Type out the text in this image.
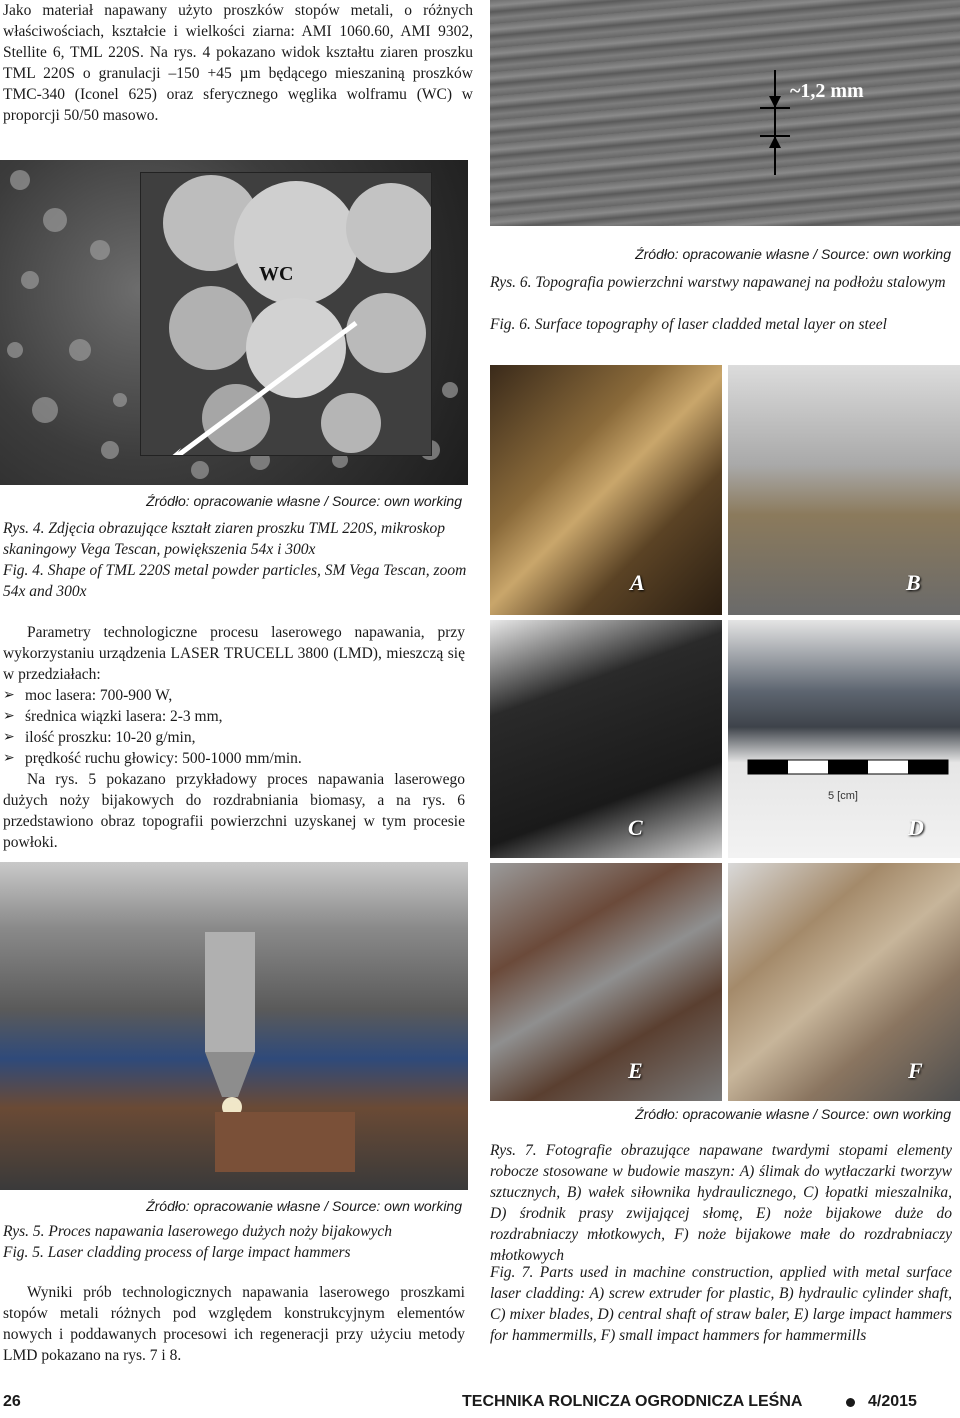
Jako materiał napawany użyto proszków stopów metali, o różnych właściwościach, kształcie i wielkości ziarna: AMI 1060.60, AMI 9302, Stellite 6, TML 220S. Na rys. 4 pokazano widok kształtu ziaren proszku TML 220S o granulacji –150 +45 µm będącego mieszaniną proszków TMC-340 (Iconel 625) oraz sferycznego węglika wolframu (WC) w proporcji 50/50 masowo.
WC
Źródło: opracowanie własne / Source: own working
Rys. 4. Zdjęcia obrazujące kształt ziaren proszku TML 220S, mikroskop skaningowy Vega Tescan, powiększenia 54x i 300x
Fig. 4. Shape of TML 220S metal powder particles, SM Vega Tescan, zoom 54x and 300x
~1,2 mm
Źródło: opracowanie własne / Source: own working
Rys. 6. Topografia powierzchni warstwy napawanej na podłożu stalowym
Fig. 6. Surface topography of laser cladded metal layer on steel
Parametry technologiczne procesu laserowego napawania, przy wykorzystaniu urządzenia LASER TRUCELL 3800 (LMD), mieszczą się w przedziałach:
➢ moc lasera: 700-900 W,
➢ średnica wiązki lasera: 2-3 mm,
➢ ilość proszku: 10-20 g/min,
➢ prędkość ruchu głowicy: 500-1000 mm/min.
Na rys. 5 pokazano przykładowy proces napawania laserowego dużych noży bijakowych do rozdrabniania biomasy, a na rys. 6 przedstawiono obraz topografii powierzchni uzyskanej w tym procesie powłoki.
A	B
C
5 [cm]
D
E	F
Źródło: opracowanie własne / Source: own working
Rys. 7. Fotografie obrazujące napawane twardymi stopami elementy robocze stosowane w budowie maszyn: A) ślimak do wytłaczarki tworzyw sztucznych, B) wałek siłownika hydraulicznego, C) łopatki mieszalnika, D) środnik prasy zwijającej słomę, E) noże bijakowe duże do rozdrabniaczy młotkowych, F) noże bijakowe małe do rozdrabniaczy młotkowych
Fig. 7. Parts used in machine construction, applied with metal surface laser cladding: A) screw extruder for plastic, B) hydraulic cylinder shaft, C) mixer blades, D) central shaft of straw baler, E) large impact hammers for hammermills, F) small impact hammers for hammermills
Źródło: opracowanie własne / Source: own working
Rys. 5. Proces napawania laserowego dużych noży bijakowych
Fig. 5. Laser cladding process of large impact hammers
Wyniki prób technologicznych napawania laserowego proszkami stopów metali różnych pod względem konstrukcyjnym elementów nowych i poddawanych procesowi ich regeneracji przy użyciu metody LMD pokazano na rys. 7 i 8.
26	TECHNIKA ROLNICZA OGRODNICZA LEŚNA	4/2015
